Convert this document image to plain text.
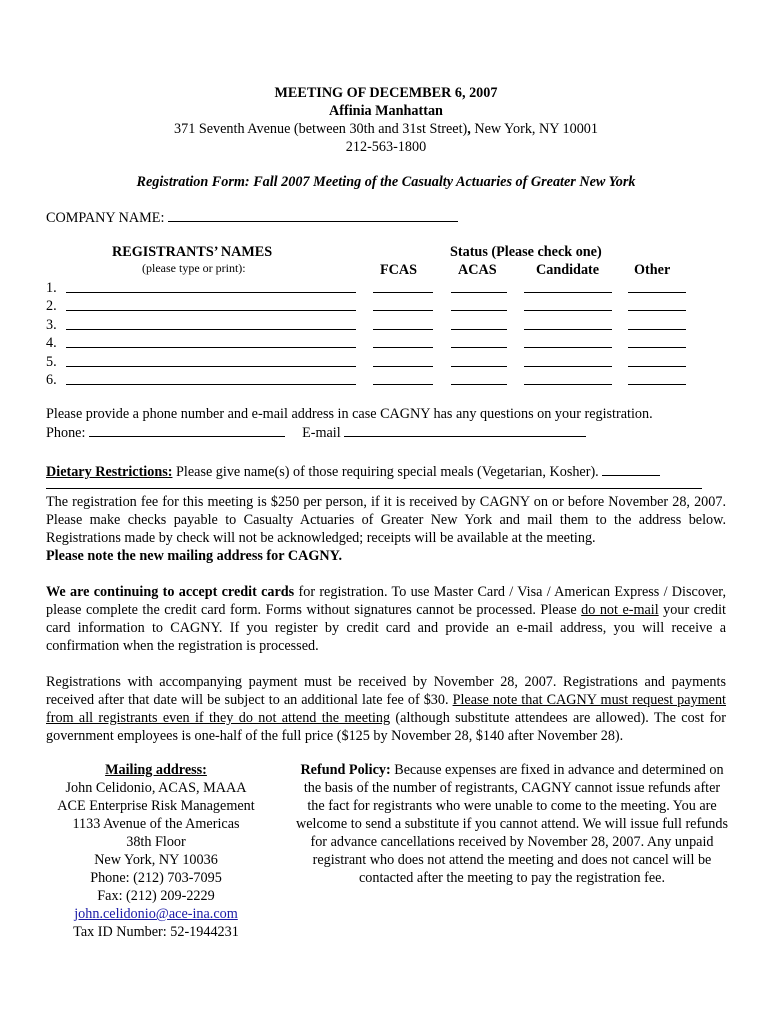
MEETING OF DECEMBER 6, 2007
Affinia Manhattan
371 Seventh Avenue (between 30th and 31st Street), New York, NY 10001
212-563-1800
Registration Form: Fall 2007 Meeting of the Casualty Actuaries of Greater New York
COMPANY NAME:
REGISTRANTS’ NAMES
(please type or print):
Status (Please check one)
FCAS	ACAS	Candidate Other
1.
2.
3.
4.
5.
6.

Please provide a phone number and e-mail address in case CAGNY has any questions on your registration.

Phone:	E-mail

Dietary Restrictions: Please give name(s) of those requiring special meals (Vegetarian, Kosher).

The registration fee for this meeting is $250 per person, if it is received by CAGNY on or before November 28, 2007. Please make checks payable to Casualty Actuaries of Greater New York and mail them to the address below. Registrations made by check will not be acknowledged; receipts will be available at the meeting.

Please note the new mailing address for CAGNY.

We are continuing to accept credit cards for registration. To use Master Card / Visa / American Express / Discover, please complete the credit card form. Forms without signatures cannot be processed. Please do not e-mail your credit card information to CAGNY. If you register by credit card and provide an e-mail address, you will receive a confirmation when the registration is processed.

Registrations with accompanying payment must be received by November 28, 2007. Registrations and payments received after that date will be subject to an additional late fee of $30. Please note that CAGNY must request payment from all registrants even if they do not attend the meeting (although substitute attendees are allowed). The cost for government employees is one-half of the full price ($125 by November 28, $140 after November 28).

Mailing address:
John Celidonio, ACAS, MAAA
ACE Enterprise Risk Management
1133 Avenue of the Americas
38th Floor
New York, NY 10036
Phone: (212) 703-7095
Fax: (212) 209-2229
john.celidonio@ace-ina.com
Tax ID Number: 52-1944231
Refund Policy: Because expenses are fixed in advance and determined on the basis of the number of registrants, CAGNY cannot issue refunds after the fact for registrants who were unable to come to the meeting. You are welcome to send a substitute if you cannot attend. We will issue full refunds for advance cancellations received by November 28, 2007. Any unpaid registrant who does not attend the meeting and does not cancel will be contacted after the meeting to pay the registration fee.
